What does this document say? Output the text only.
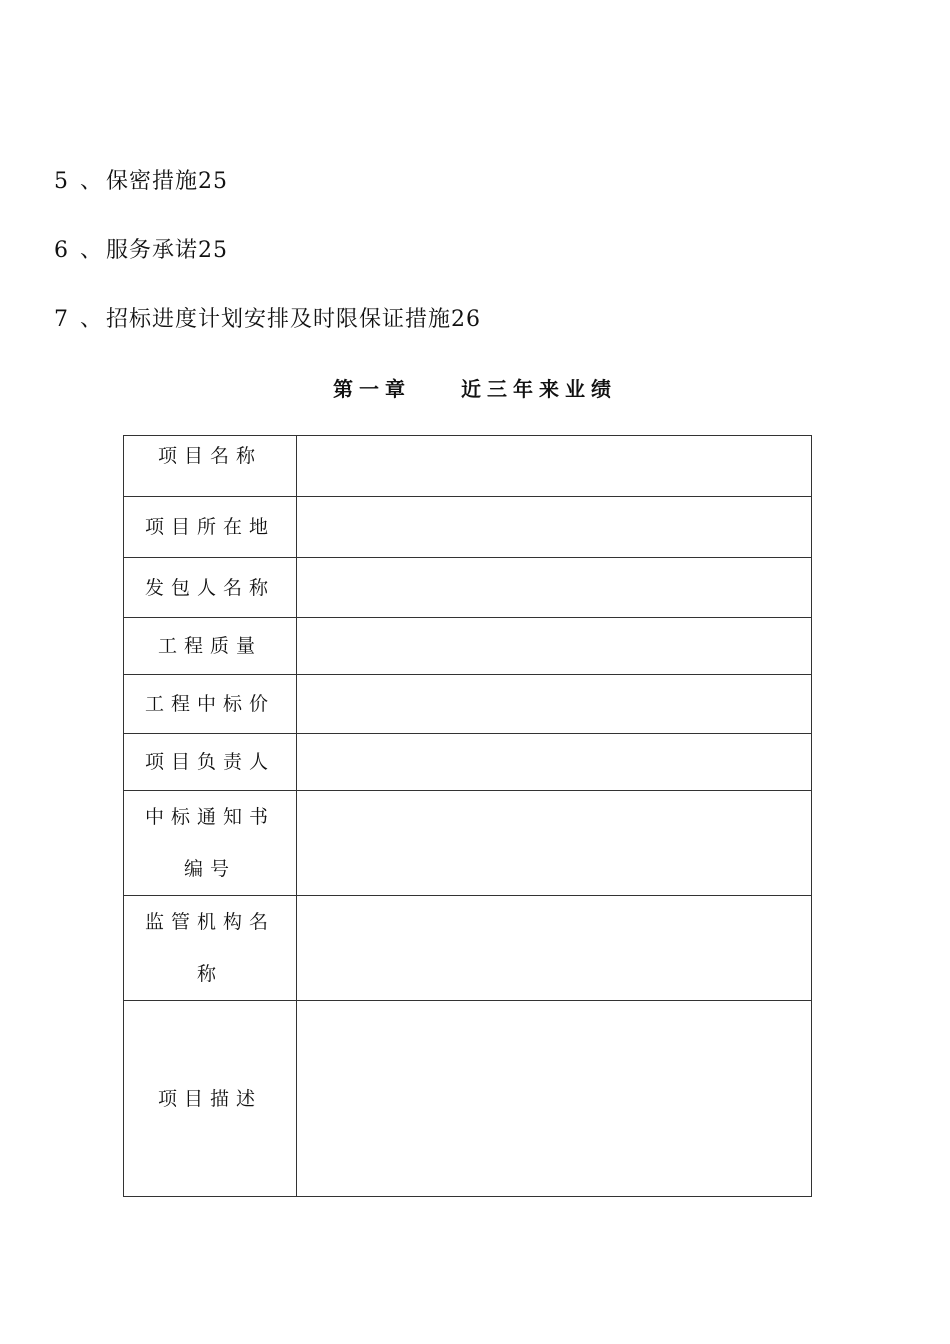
5 、 保密措施25
6 、 服务承诺25
7 、 招标进度计划安排及时限保证措施26
第一章	近三年来业绩
项目名称	
项目所在地	
发包人名称	
工程质量	
工程中标价	
项目负责人	

中标通知书
编号	

监管机构名
称	

项目描述	
